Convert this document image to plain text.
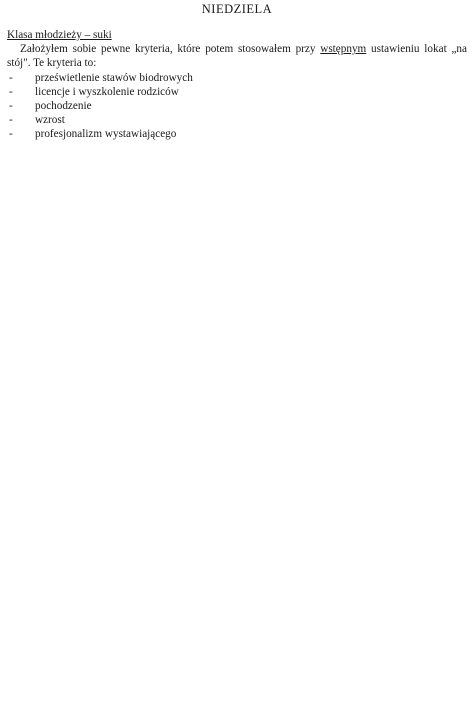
NIEDZIELA
Klasa młodzieży – suki

Założyłem sobie pewne kryteria, które potem stosowałem przy wstępnym ustawieniu lokat „na stój". Te kryteria to:

- prześwietlenie stawów biodrowych
- licencje i wyszkolenie rodziców
- pochodzenie
- wzrost
- profesjonalizm wystawiającego
